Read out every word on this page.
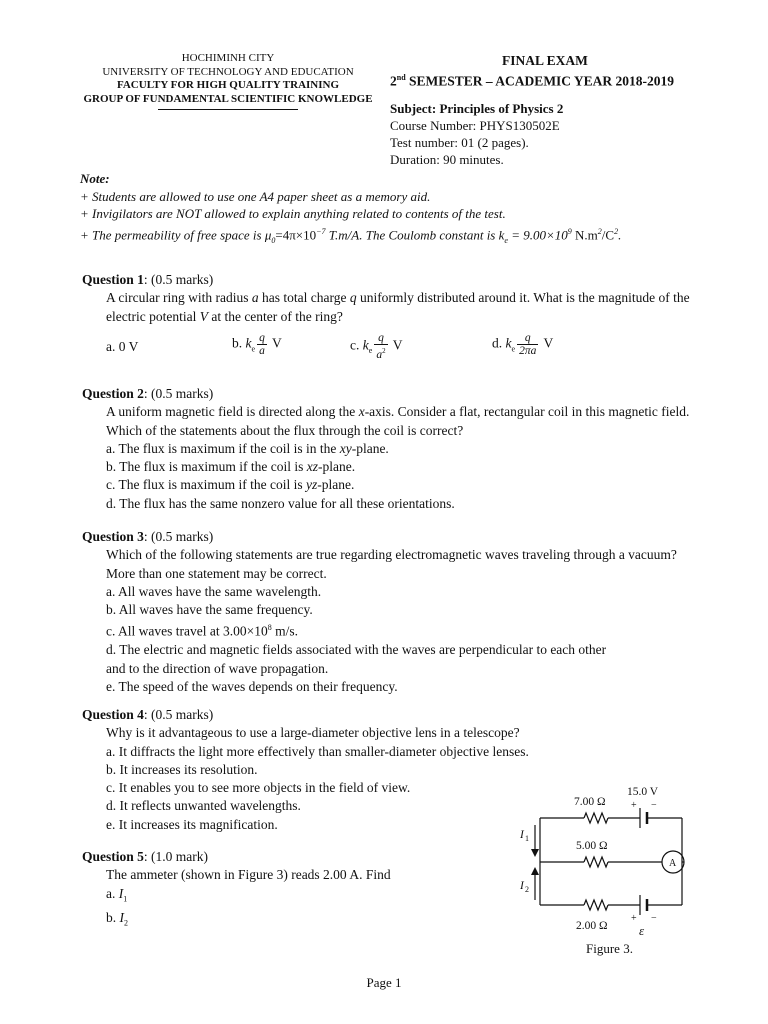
HOCHIMINH CITY
UNIVERSITY OF TECHNOLOGY AND EDUCATION
FACULTY FOR HIGH QUALITY TRAINING
GROUP OF FUNDAMENTAL SCIENTIFIC KNOWLEDGE
FINAL EXAM
2nd SEMESTER – ACADEMIC YEAR 2018-2019
Subject: Principles of Physics 2
Course Number: PHYS130502E
Test number: 01 (2 pages).
Duration: 90 minutes.
Note:
+ Students are allowed to use one A4 paper sheet as a memory aid.
+ Invigilators are NOT allowed to explain anything related to contents of the test.
+ The permeability of free space is $\mu_0=4\pi\times 10^{-7}$ T.m/A. The Coulomb constant is $k_e = 9.00\times 10^9$ $N.m^2/C^2$.
Question 1: (0.5 marks)
A circular ring with radius a has total charge q uniformly distributed around it. What is the magnitude of the electric potential V at the center of the ring?
a. 0 V	b. $k_e \frac{q}{a}$ V	c. $k_e \frac{q}{a^2}$ V	d. $k_e \frac{q}{2\pi a}$ V
Question 2: (0.5 marks)
A uniform magnetic field is directed along the x-axis. Consider a flat, rectangular coil in this magnetic field. Which of the statements about the flux through the coil is correct?
a. The flux is maximum if the coil is in the xy-plane.
b. The flux is maximum if the coil is xz-plane.
c. The flux is maximum if the coil is yz-plane.
d. The flux has the same nonzero value for all these orientations.
Question 3: (0.5 marks)
Which of the following statements are true regarding electromagnetic waves traveling through a vacuum? More than one statement may be correct.
a. All waves have the same wavelength.
b. All waves have the same frequency.
c. All waves travel at $3.00\times 10^8$ m/s.
d. The electric and magnetic fields associated with the waves are perpendicular to each other
and to the direction of wave propagation.
e. The speed of the waves depends on their frequency.
Question 4: (0.5 marks)
Why is it advantageous to use a large-diameter objective lens in a telescope?
a. It diffracts the light more effectively than smaller-diameter objective lenses.
b. It increases its resolution.
c. It enables you to see more objects in the field of view.
d. It reflects unwanted wavelengths.
e. It increases its magnification.
Question 5: (1.0 mark)
The ammeter (shown in Figure 3) reads 2.00 A. Find
a. $I_1$
b. $I_2$
7.00 Ω
15.0 V
+ −
5.00 Ω
A
2.00 Ω
+ −
ε
I 1
I 2
Figure 3.
Page 1
